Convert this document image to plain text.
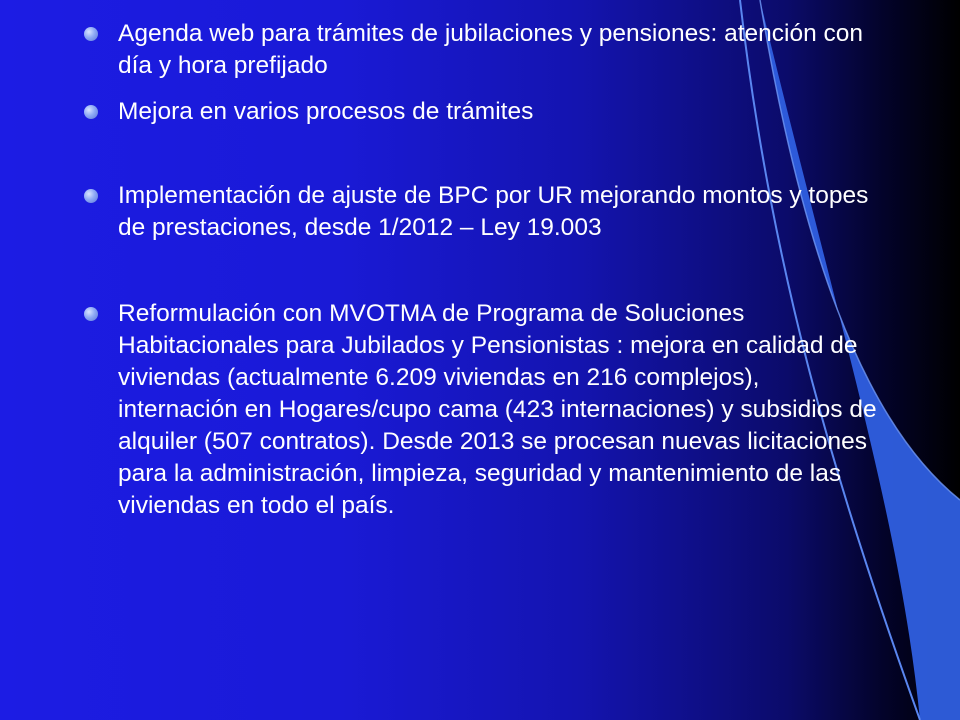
Agenda web para trámites de jubilaciones y pensiones: atención con día y hora prefijado
Mejora en varios procesos de trámites
Implementación de ajuste de BPC por UR mejorando montos y topes de prestaciones, desde 1/2012 – Ley 19.003
Reformulación con MVOTMA de Programa de Soluciones Habitacionales para Jubilados y Pensionistas : mejora en calidad de viviendas (actualmente 6.209 viviendas en 216 complejos), internación en Hogares/cupo cama (423 internaciones) y subsidios de alquiler (507 contratos). Desde 2013 se procesan nuevas licitaciones para la administración, limpieza, seguridad y mantenimiento de las viviendas en todo el país.
